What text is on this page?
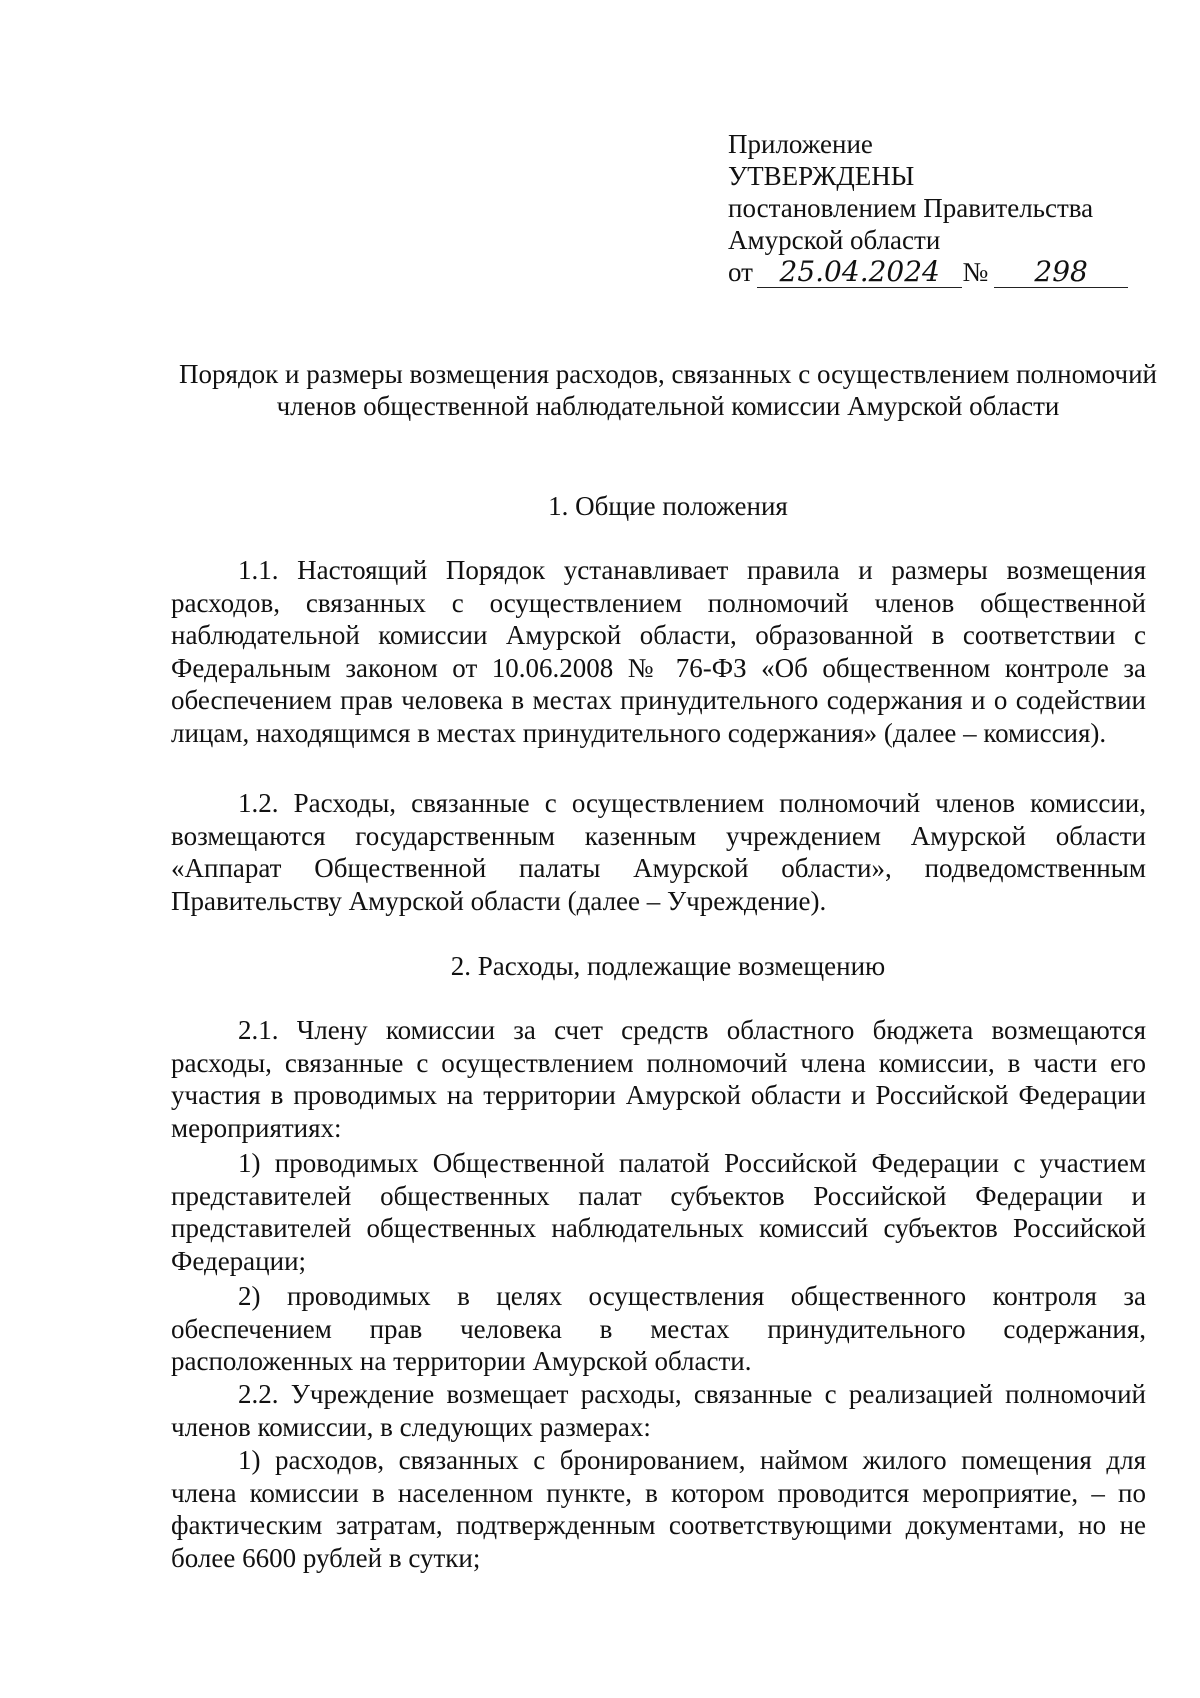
Приложение
УТВЕРЖДЕНЫ
постановлением Правительства
Амурской области
от 25.04.2024 №	298
Порядок и размеры возмещения расходов, связанных с осуществлением полномочий членов общественной наблюдательной комиссии Амурской области
1. Общие положения
1.1. Настоящий Порядок устанавливает правила и размеры возмещения расходов, связанных с осуществлением полномочий членов общественной наблюдательной комиссии Амурской области, образованной в соответствии с Федеральным законом от 10.06.2008 № 76-ФЗ «Об общественном контроле за обеспечением прав человека в местах принудительного содержания и о содействии лицам, находящимся в местах принудительного содержания» (далее – комиссия).
1.2. Расходы, связанные с осуществлением полномочий членов комиссии, возмещаются государственным казенным учреждением Амурской области «Аппарат Общественной палаты Амурской области», подведомственным Правительству Амурской области (далее – Учреждение).
2. Расходы, подлежащие возмещению
2.1. Члену комиссии за счет средств областного бюджета возмещаются расходы, связанные с осуществлением полномочий члена комиссии, в части его участия в проводимых на территории Амурской области и Российской Федерации мероприятиях:
1) проводимых Общественной палатой Российской Федерации с участием представителей общественных палат субъектов Российской Федерации и представителей общественных наблюдательных комиссий субъектов Российской Федерации;
2) проводимых в целях осуществления общественного контроля за обеспечением прав человека в местах принудительного содержания, расположенных на территории Амурской области.
2.2. Учреждение возмещает расходы, связанные с реализацией полномочий членов комиссии, в следующих размерах:
1) расходов, связанных с бронированием, наймом жилого помещения для члена комиссии в населенном пункте, в котором проводится мероприятие, – по фактическим затратам, подтвержденным соответствующими документами, но не более 6600 рублей в сутки;
